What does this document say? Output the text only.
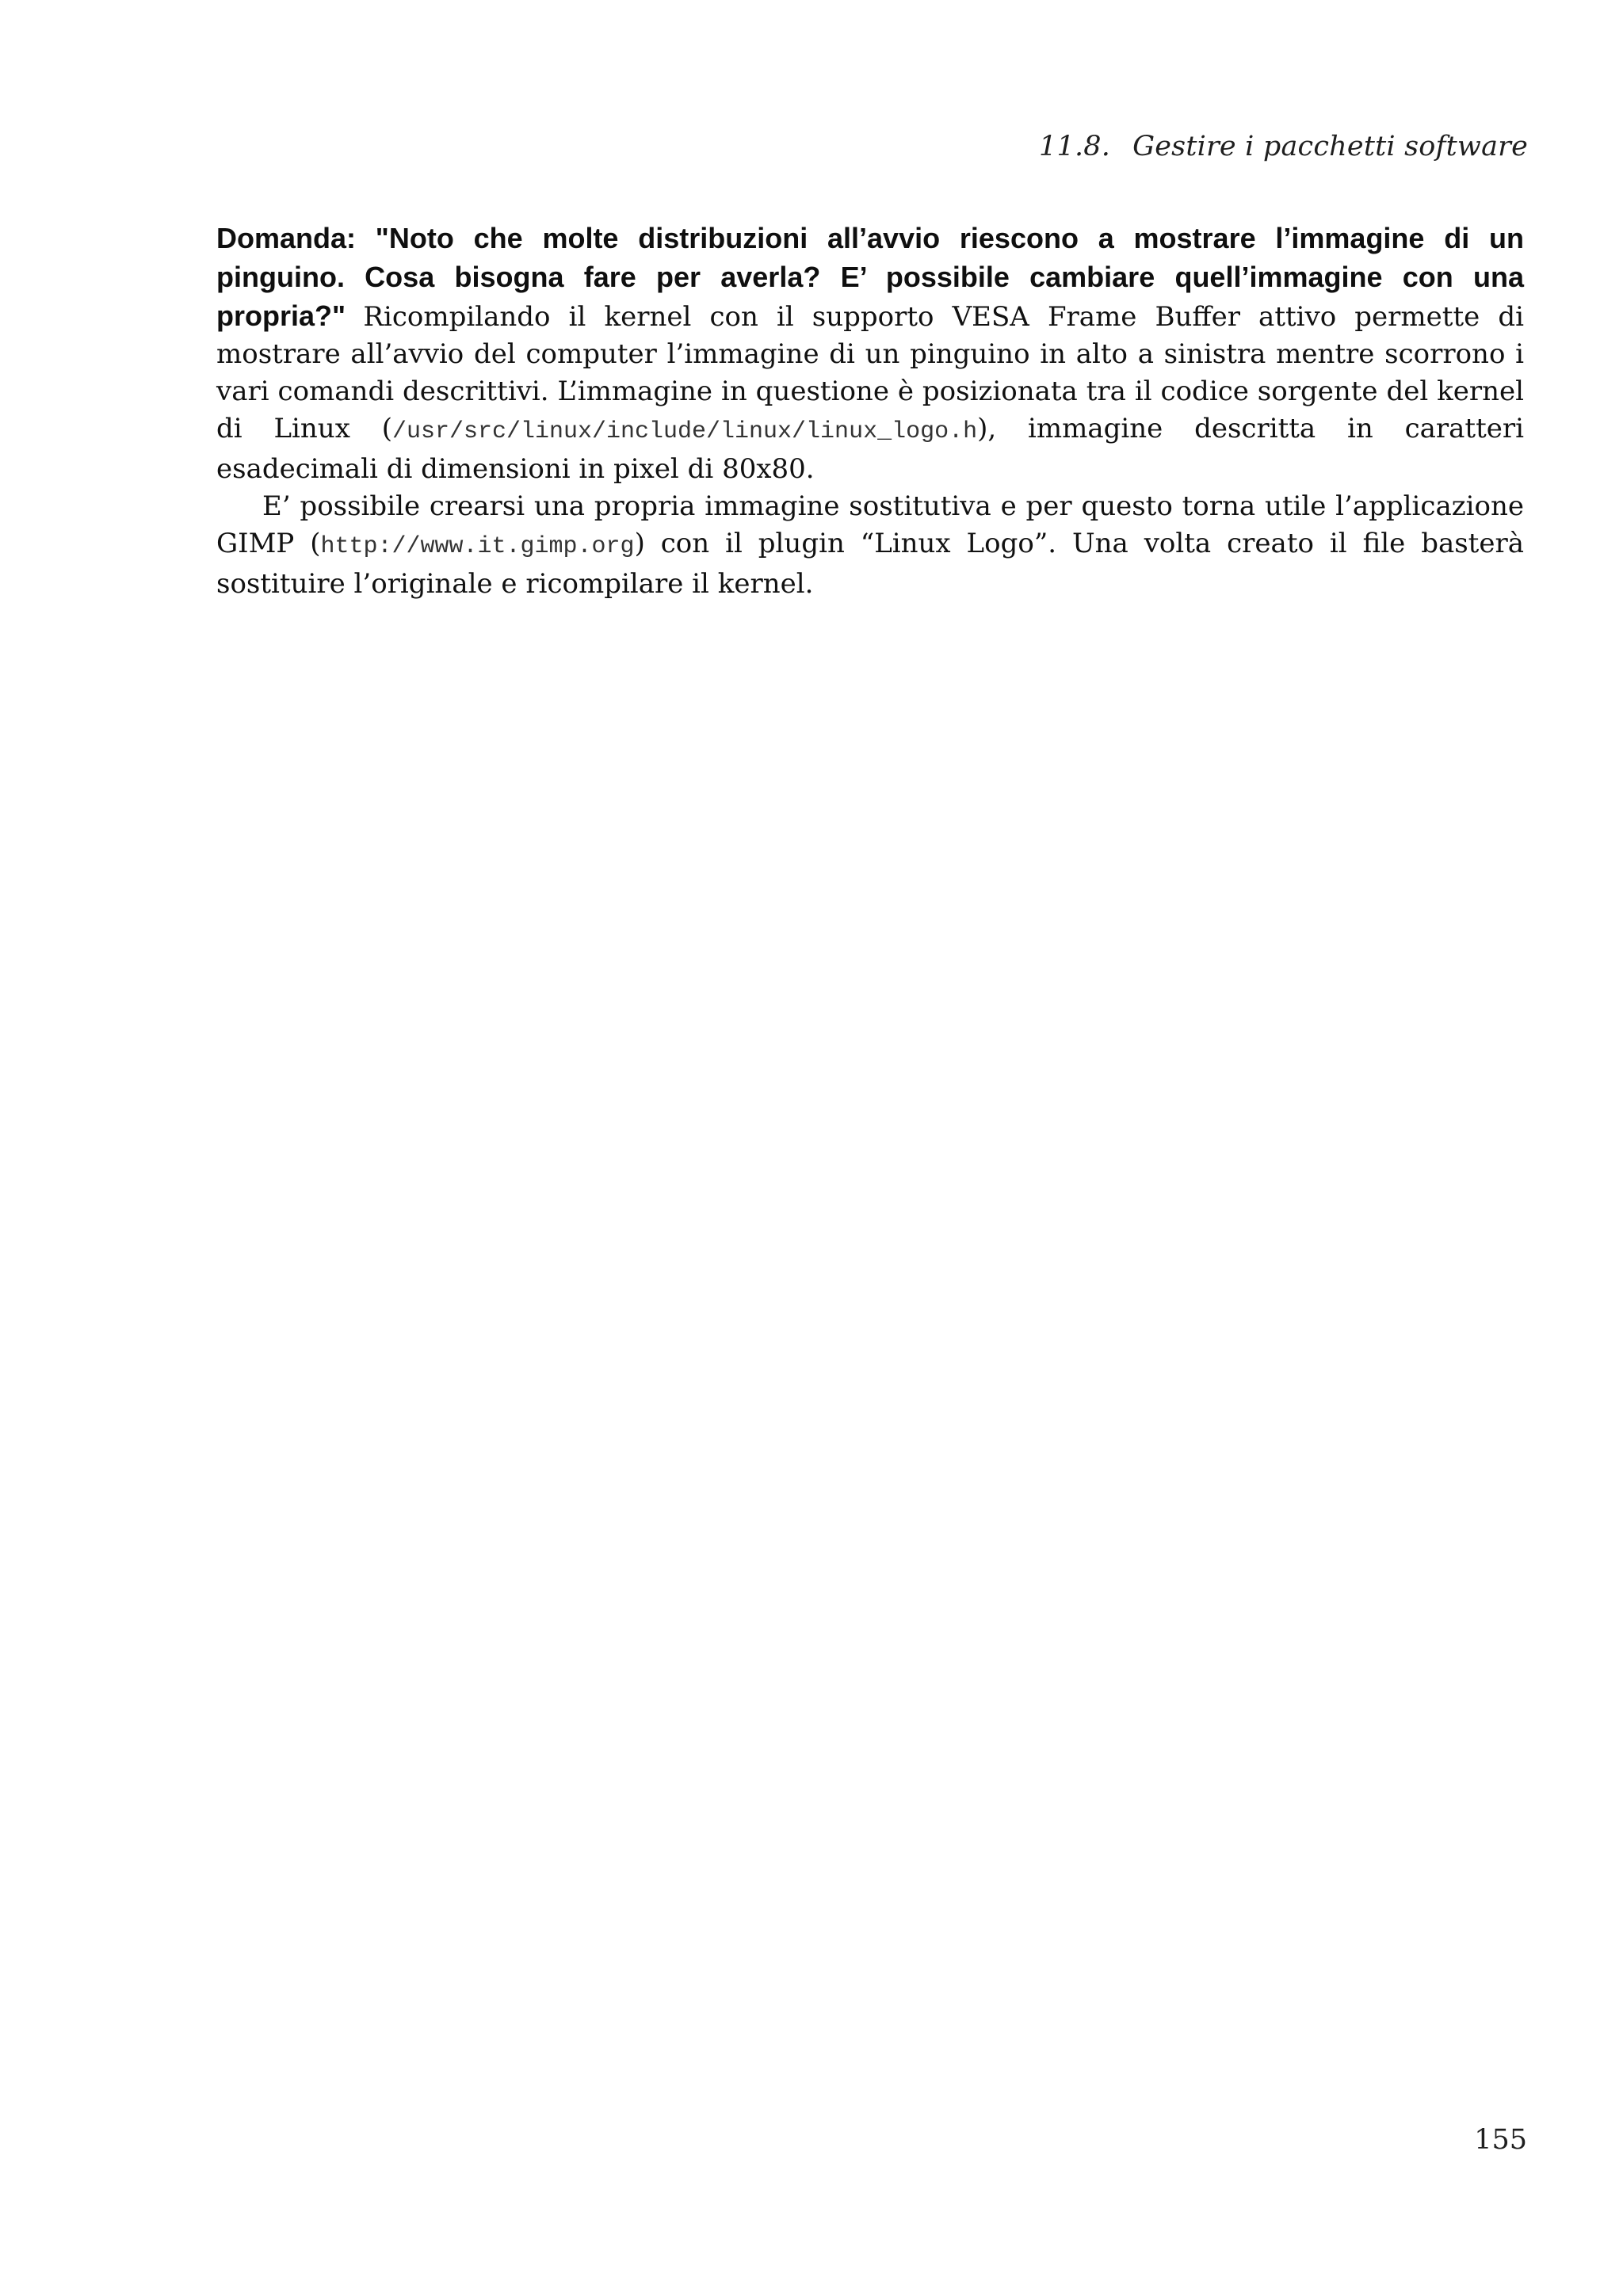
11.8. Gestire i pacchetti software

Domanda: "Noto che molte distribuzioni all’avvio riescono a mostrare l’immagine di un pinguino. Cosa bisogna fare per averla? E’ possibile cambiare quell’immagine con una propria?" Ricompilando il kernel con il supporto VESA Frame Buffer attivo permette di mostrare all’avvio del computer l’immagine di un pinguino in alto a sinistra mentre scorrono i vari comandi descrittivi. L’immagine in questione è posizionata tra il codice sorgente del kernel di Linux (/usr/src/linux/include/linux/linux_logo.h), immagine descritta in caratteri esadecimali di dimensioni in pixel di 80x80.

E’ possibile crearsi una propria immagine sostitutiva e per questo torna utile l’applicazione GIMP (http://www.it.gimp.org) con il plugin “Linux Logo”. Una volta creato il file basterà sostituire l’originale e ricompilare il kernel.

155
